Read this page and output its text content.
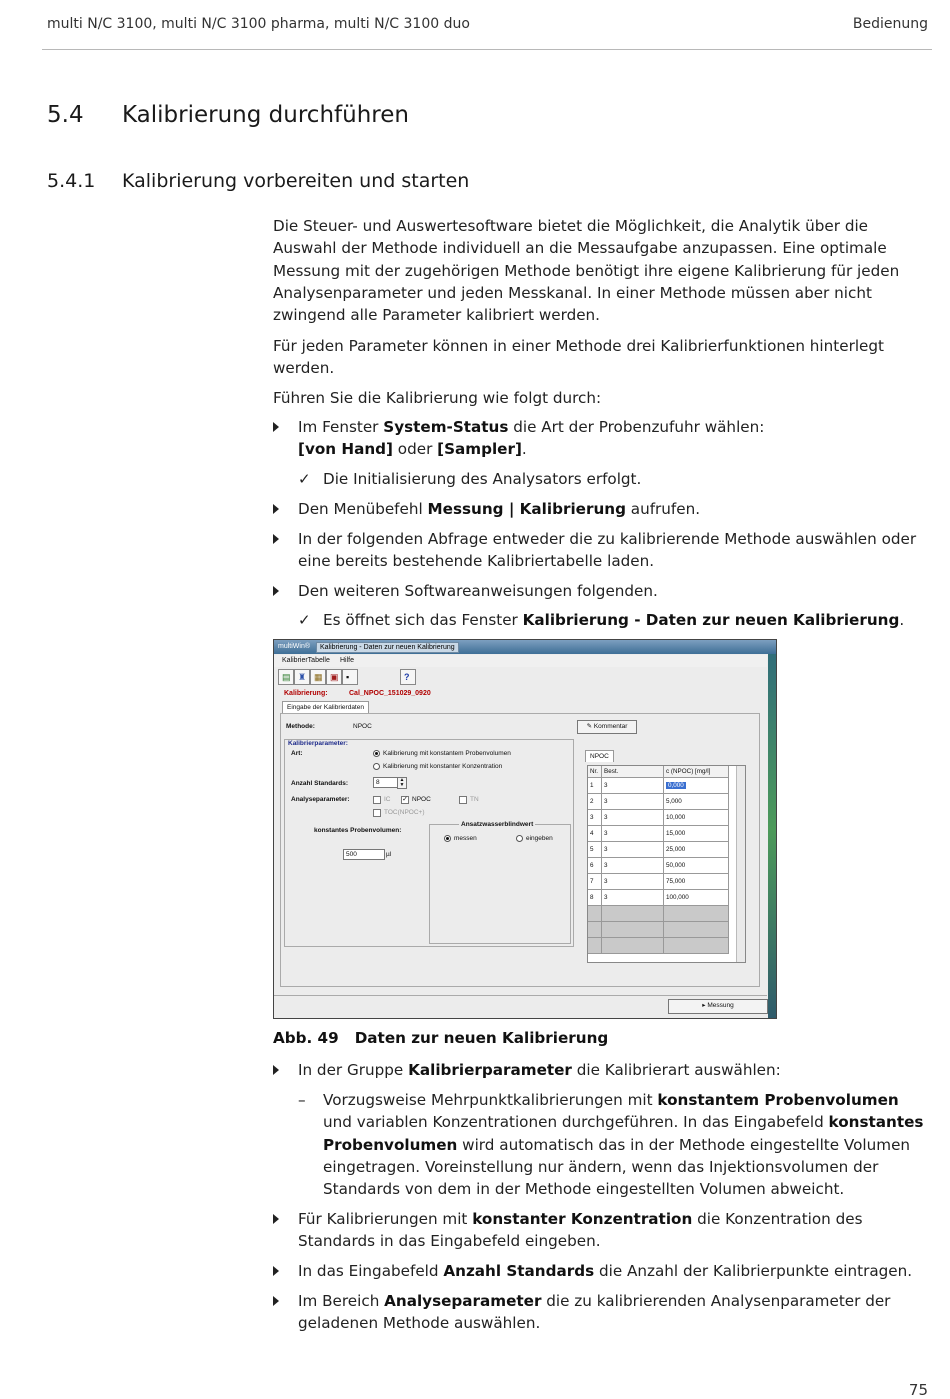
multi N/C 3100, multi N/C 3100 pharma, multi N/C 3100 duo	Bedienung
5.4 Kalibrierung durchführen
5.4.1 Kalibrierung vorbereiten und starten
Die Steuer- und Auswertesoftware bietet die Möglichkeit, die Analytik über die Auswahl der Methode individuell an die Messaufgabe anzupassen. Eine optimale Messung mit der zugehörigen Methode benötigt ihre eigene Kalibrierung für jeden Analysenparameter und jeden Messkanal. In einer Methode müssen aber nicht zwingend alle Parameter kalibriert werden.
Für jeden Parameter können in einer Methode drei Kalibrierfunktionen hinterlegt werden.
Führen Sie die Kalibrierung wie folgt durch:
Im Fenster System-Status die Art der Probenzufuhr wählen:
[von Hand] oder [Sampler].
✓ Die Initialisierung des Analysators erfolgt.
Den Menübefehl Messung | Kalibrierung aufrufen.
In der folgenden Abfrage entweder die zu kalibrierende Methode auswählen oder eine bereits bestehende Kalibriertabelle laden.
Den weiteren Softwareanweisungen folgenden.
✓ Es öffnet sich das Fenster Kalibrierung - Daten zur neuen Kalibrierung.
multiWin®	Kalibrierung - Daten zur neuen Kalibrierung
KalibrierTabelle Hilfe
▤ ♜ ▦ ▣ ▪	?
Kalibrierung:	Cal_NPOC_151029_0920
Eingabe der Kalibrierdaten
Methode:	NPOC	✎ Kommentar
Kalibrierparameter:
Art:	Kalibrierung mit konstantem Probenvolumen
Kalibrierung mit konstanter Konzentration
Anzahl Standards:	8	▲
▼
Analyseparameter:	IC ✓ NPOC	TN
TOC(NPOC+)
konstantes Probenvolumen:
500	µl
Ansatzwasserblindwert
messen	eingeben
NPOC
Nr. Best.	c (NPOC) [mg/l]
1	3	0,000
2	3	5,000
3	3	10,000
4	3	15,000
5	3	25,000
6	3	50,000
7	3	75,000
8	3	100,000
▸ Messung
Abb. 49 Daten zur neuen Kalibrierung
In der Gruppe Kalibrierparameter die Kalibrierart auswählen:
– Vorzugsweise Mehrpunktkalibrierungen mit konstantem Probenvolumen und variablen Konzentrationen durchgeführen. In das Eingabefeld konstantes Probenvolumen wird automatisch das in der Methode eingestellte Volumen eingetragen. Voreinstellung nur ändern, wenn das Injektionsvolumen der Standards von dem in der Methode eingestellten Volumen abweicht.
Für Kalibrierungen mit konstanter Konzentration die Konzentration des Standards in das Eingabefeld eingeben.
In das Eingabefeld Anzahl Standards die Anzahl der Kalibrierpunkte eintragen.
Im Bereich Analyseparameter die zu kalibrierenden Analysenparameter der geladenen Methode auswählen.
75
